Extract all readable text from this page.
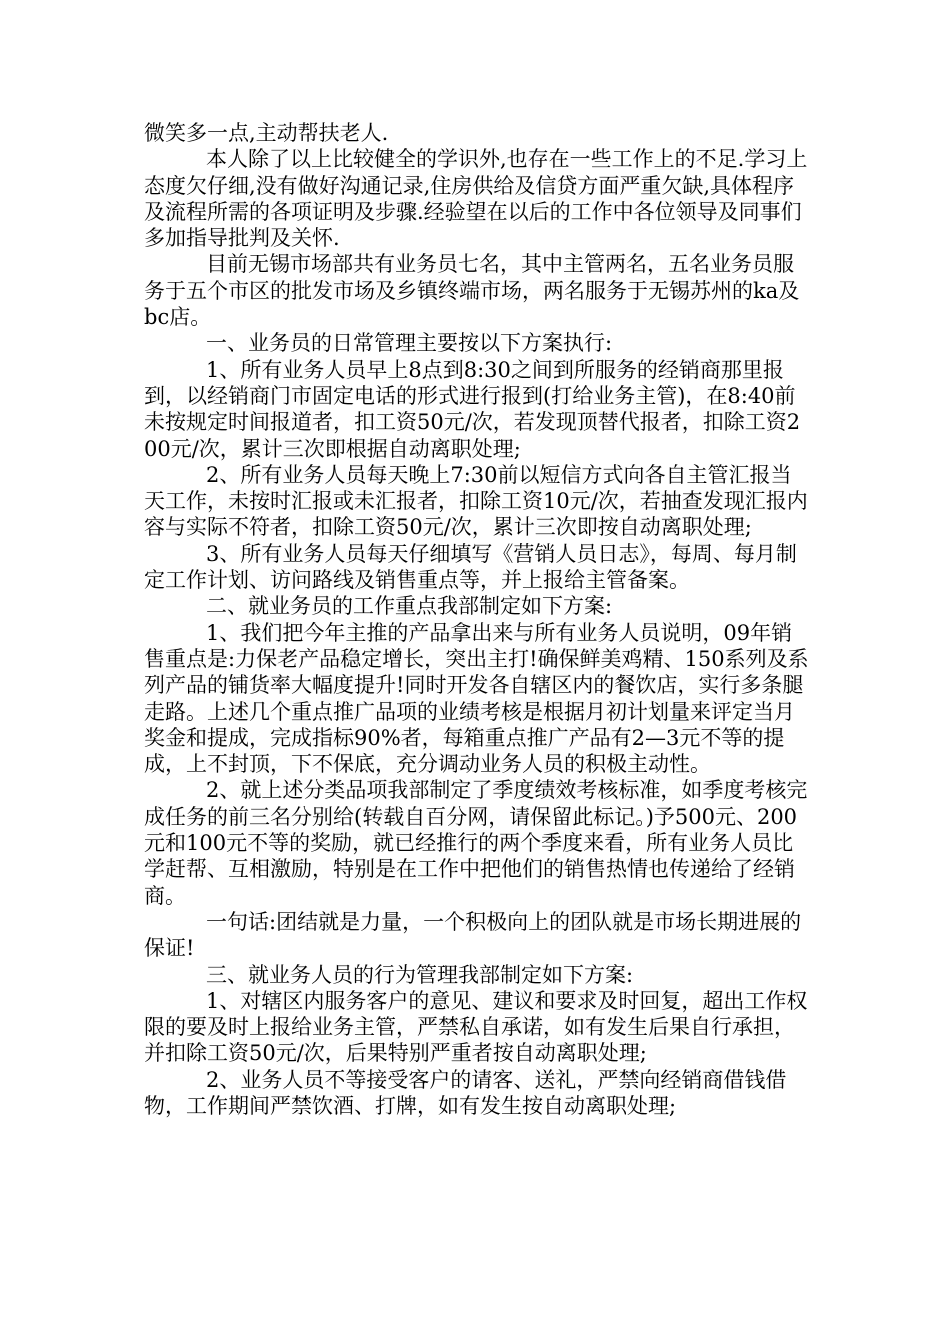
微笑多一点,主动帮扶老人.

本人除了以上比较健全的学识外,也存在一些工作上的不足.学习上态度欠仔细,没有做好沟通记录,住房供给及信贷方面严重欠缺,具体程序及流程所需的各项证明及步骤.经验望在以后的工作中各位领导及同事们多加指导批判及关怀.

目前无锡市场部共有业务员七名，其中主管两名，五名业务员服务于五个市区的批发市场及乡镇终端市场，两名服务于无锡苏州的ka及bc店。

一、业务员的日常管理主要按以下方案执行:

1、所有业务人员早上8点到8:30之间到所服务的经销商那里报到，以经销商门市固定电话的形式进行报到(打给业务主管)，在8:40前未按规定时间报道者，扣工资50元/次，若发现顶替代报者，扣除工资200元/次，累计三次即根据自动离职处理;

2、所有业务人员每天晚上7:30前以短信方式向各自主管汇报当天工作，未按时汇报或未汇报者，扣除工资10元/次，若抽查发现汇报内容与实际不符者，扣除工资50元/次，累计三次即按自动离职处理;

3、所有业务人员每天仔细填写《营销人员日志》，每周、每月制定工作计划、访问路线及销售重点等，并上报给主管备案。

二、就业务员的工作重点我部制定如下方案:

1、我们把今年主推的产品拿出来与所有业务人员说明，09年销售重点是:力保老产品稳定增长，突出主打!确保鲜美鸡精、150系列及系列产品的铺货率大幅度提升!同时开发各自辖区内的餐饮店，实行多条腿走路。上述几个重点推广品项的业绩考核是根据月初计划量来评定当月奖金和提成，完成指标90%者，每箱重点推广产品有2—3元不等的提成，上不封顶，下不保底，充分调动业务人员的积极主动性。

2、就上述分类品项我部制定了季度绩效考核标准，如季度考核完成任务的前三名分别给(转载自百分网，请保留此标记。)予500元、200元和100元不等的奖励，就已经推行的两个季度来看，所有业务人员比学赶帮、互相激励，特别是在工作中把他们的销售热情也传递给了经销商。

一句话:团结就是力量，一个积极向上的团队就是市场长期进展的保证!

三、就业务人员的行为管理我部制定如下方案:

1、对辖区内服务客户的意见、建议和要求及时回复，超出工作权限的要及时上报给业务主管，严禁私自承诺，如有发生后果自行承担，并扣除工资50元/次，后果特别严重者按自动离职处理;

2、业务人员不等接受客户的请客、送礼，严禁向经销商借钱借物，工作期间严禁饮酒、打牌，如有发生按自动离职处理;
